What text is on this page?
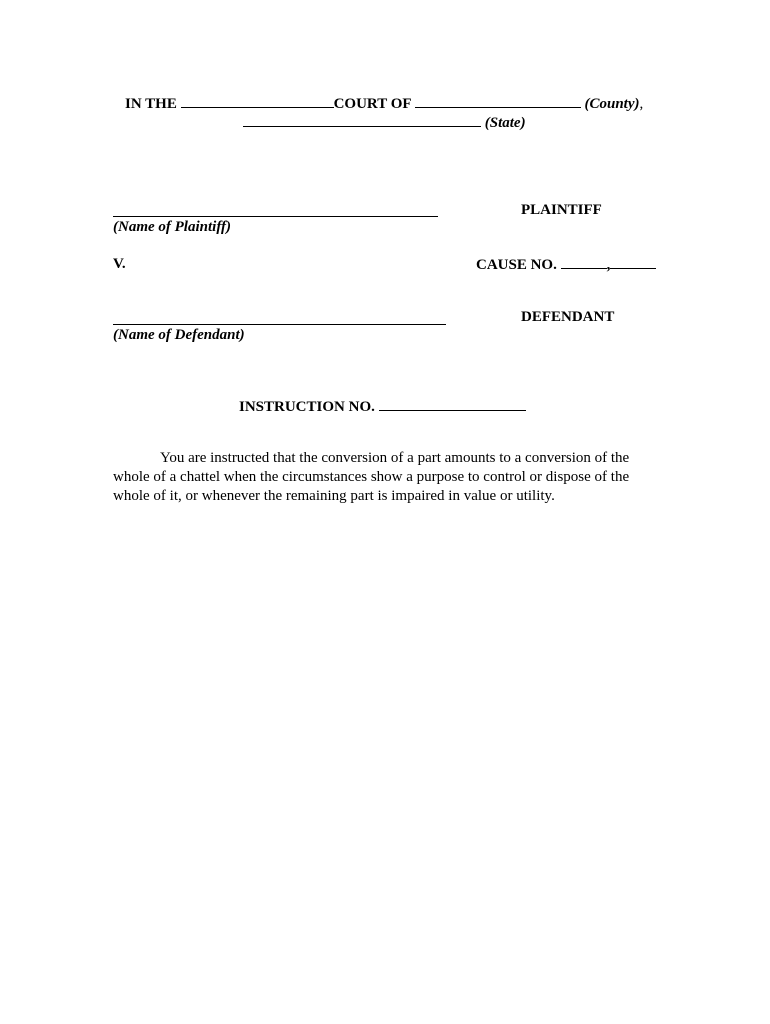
IN THE	COURT OF	(County),
(State)
PLAINTIFF
(Name of Plaintiff)
V.	CAUSE NO.	,
DEFENDANT
(Name of Defendant)
INSTRUCTION NO.
You are instructed that the conversion of a part amounts to a conversion of the whole of a chattel when the circumstances show a purpose to control or dispose of the whole of it, or whenever the remaining part is impaired in value or utility.
